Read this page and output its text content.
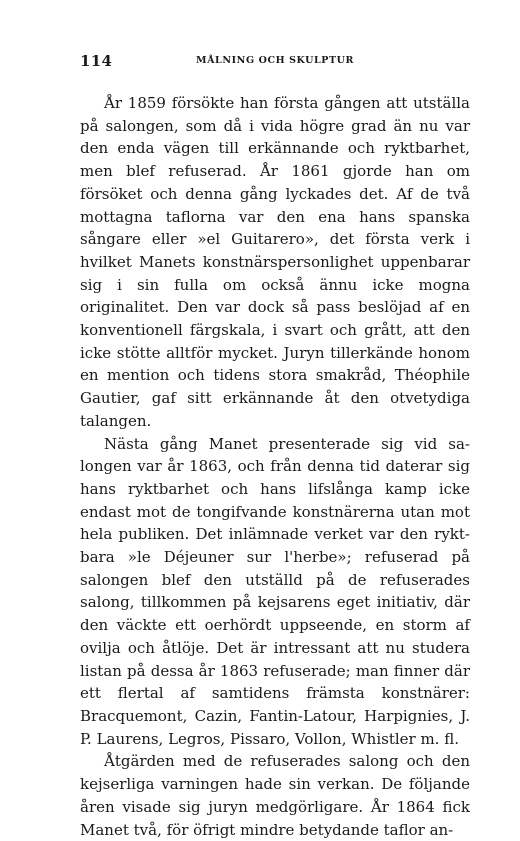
114	MÅLNING OCH SKULPTUR

År 1859 försökte han första gången att utställa på salongen, som då i vida högre grad än nu var den enda vägen till erkännande och ryktbarhet, men blef refuserad. År 1861 gjorde han om försöket och denna gång lyckades det. Af de två mottagna taflorna var den ena hans spanska sångare eller »el Guitarero», det första verk i hvilket Manets konstnärspersonlighet uppenbarar sig i sin fulla om också ännu icke mogna originalitet. Den var dock så pass beslöjad af en konventionell färgskala, i svart och grått, att den icke stötte alltför mycket. Juryn tillerkände honom en mention och tidens stora smakråd, Théophile Gautier, gaf sitt erkännande åt den otvetydiga talangen.

Nästa gång Manet presenterade sig vid salongen var år 1863, och från denna tid daterar sig hans ryktbarhet och hans lifslånga kamp icke endast mot de tongifvande konstnärerna utan mot hela publiken. Det inlämnade verket var den ryktbara »le Déjeuner sur l'herbe»; refuserad på salongen blef den utställd på de refuserades salong, tillkommen på kejsarens eget initiativ, där den väckte ett oerhördt uppseende, en storm af ovilja och åtlöje. Det är intressant att nu studera listan på dessa år 1863 refuserade; man finner där ett flertal af samtidens främsta konstnärer: Bracquemont, Cazin, Fantin-Latour, Harpignies, J. P. Laurens, Legros, Pissaro, Vollon, Whistler m. fl.

Åtgärden med de refuserades salong och den kejserliga varningen hade sin verkan. De följande åren visade sig juryn medgörligare. År 1864 fick Manet två, för öfrigt mindre betydande taflor an-
